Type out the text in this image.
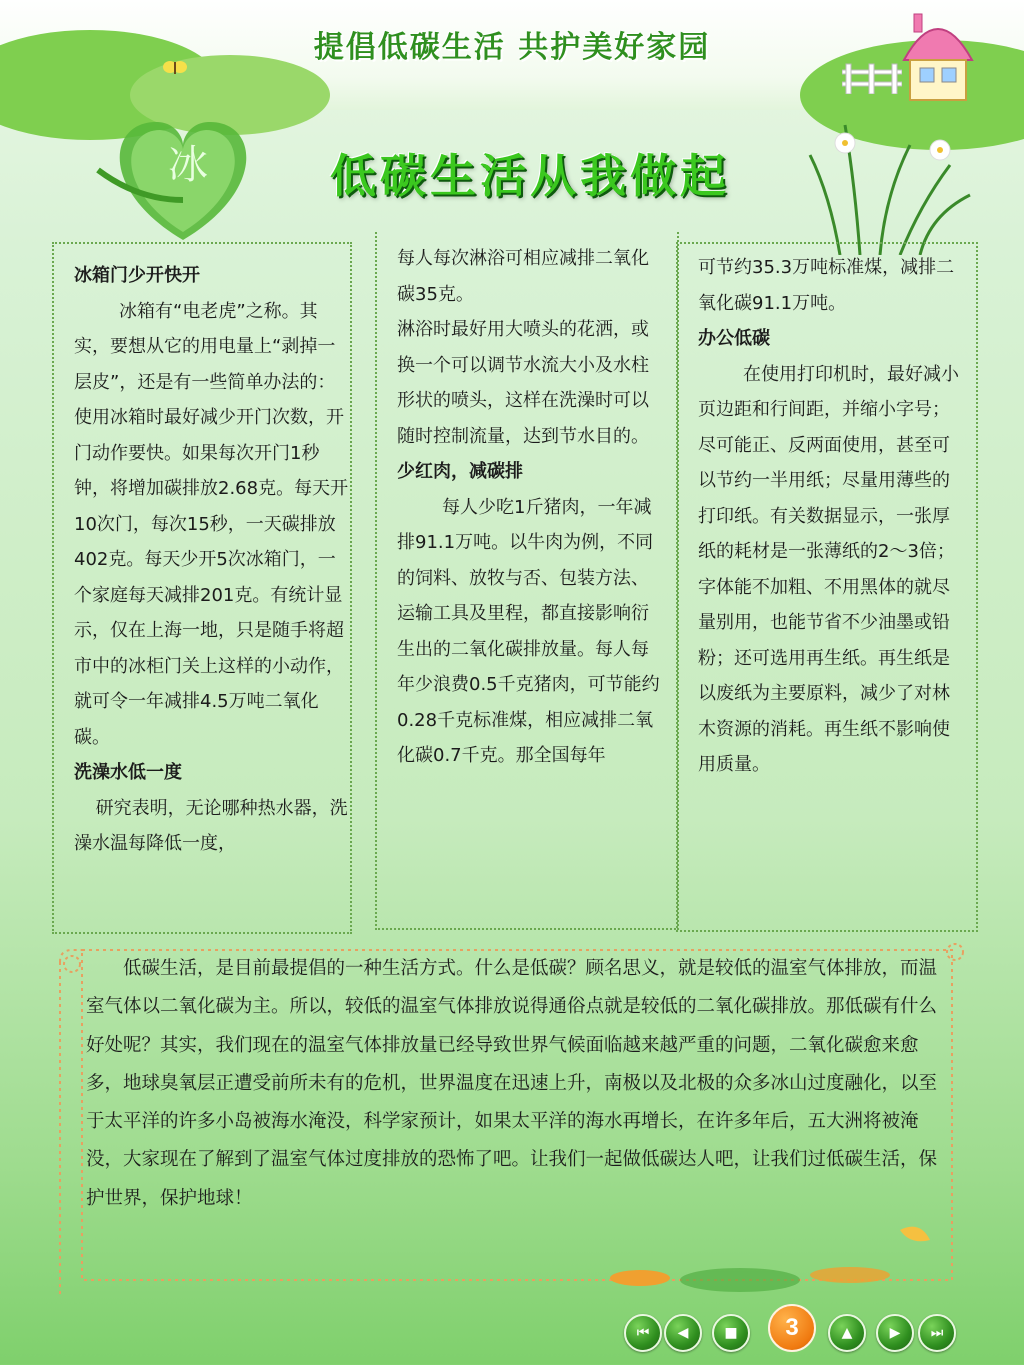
提倡低碳生活 共护美好家园
冰	低碳生活从我做起
冰箱门少开快开

冰箱有“电老虎”之称。其实，要想从它的用电量上“剥掉一层皮”，还是有一些简单办法的：使用冰箱时最好减少开门次数，开门动作要快。如果每次开门1秒钟，将增加碳排放2.68克。每天开10次门，每次15秒，一天碳排放402克。每天少开5次冰箱门，一个家庭每天减排201克。有统计显示，仅在上海一地，只是随手将超市中的冰柜门关上这样的小动作，就可令一年减排4.5万吨二氧化碳。

洗澡水低一度

研究表明，无论哪种热水器，洗澡水温每降低一度，

每人每次淋浴可相应减排二氧化碳35克。

淋浴时最好用大喷头的花洒，或换一个可以调节水流大小及水柱形状的喷头，这样在洗澡时可以随时控制流量，达到节水目的。

少红肉，减碳排

每人少吃1斤猪肉，一年减排91.1万吨。以牛肉为例，不同的饲料、放牧与否、包装方法、运输工具及里程，都直接影响衍生出的二氧化碳排放量。每人每年少浪费0.5千克猪肉，可节能约0.28千克标准煤，相应减排二氧化碳0.7千克。那全国每年

可节约35.3万吨标准煤，减排二氧化碳91.1万吨。

办公低碳

在使用打印机时，最好减小页边距和行间距，并缩小字号；尽可能正、反两面使用，甚至可以节约一半用纸；尽量用薄些的打印纸。有关数据显示，一张厚纸的耗材是一张薄纸的2～3倍；字体能不加粗、不用黑体的就尽量别用，也能节省不少油墨或铅粉；还可选用再生纸。再生纸是以废纸为主要原料，减少了对林木资源的消耗。再生纸不影响使用质量。

低碳生活，是目前最提倡的一种生活方式。什么是低碳？顾名思义，就是较低的温室气体排放，而温室气体以二氧化碳为主。所以，较低的温室气体排放说得通俗点就是较低的二氧化碳排放。那低碳有什么好处呢？其实，我们现在的温室气体排放量已经导致世界气候面临越来越严重的问题，二氧化碳愈来愈多，地球臭氧层正遭受前所未有的危机，世界温度在迅速上升，南极以及北极的众多冰山过度融化，以至于太平洋的许多小岛被海水淹没，科学家预计，如果太平洋的海水再增长，在许多年后，五大洲将被淹没，大家现在了解到了温室气体过度排放的恐怖了吧。让我们一起做低碳达人吧，让我们过低碳生活，保护世界，保护地球！
⏮ ◀	■	3	▲	▶ ⏭
